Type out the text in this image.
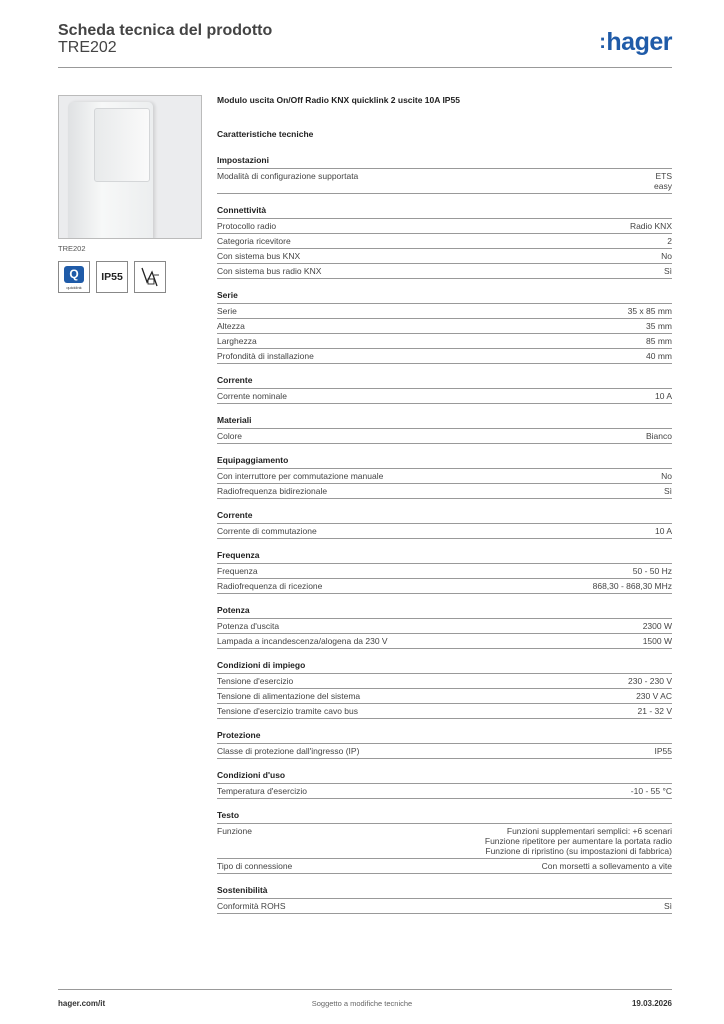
Scheda tecnica del prodotto
TRE202	:hager
TRE202
Q
quicklink
IP55
Modulo uscita On/Off Radio KNX quicklink 2 uscite 10A IP55
Caratteristiche tecniche
Impostazioni
Modalità di configurazione supportata	ETS
easy
Connettività
Protocollo radio	Radio KNX
Categoria ricevitore	2
Con sistema bus KNX	No
Con sistema bus radio KNX	Sì
Serie
Serie	35 x 85 mm
Altezza	35 mm
Larghezza	85 mm
Profondità di installazione	40 mm
Corrente
Corrente nominale	10 A
Materiali
Colore	Bianco
Equipaggiamento
Con interruttore per commutazione manuale	No
Radiofrequenza bidirezionale	Sì
Corrente
Corrente di commutazione	10 A
Frequenza
Frequenza	50 - 50 Hz
Radiofrequenza di ricezione	868,30 - 868,30 MHz
Potenza
Potenza d'uscita	2300 W
Lampada a incandescenza/alogena da 230 V	1500 W
Condizioni di impiego
Tensione d'esercizio	230 - 230 V
Tensione di alimentazione del sistema	230 V AC
Tensione d'esercizio tramite cavo bus	21 - 32 V
Protezione
Classe di protezione dall'ingresso (IP)	IP55
Condizioni d'uso
Temperatura d'esercizio	-10 - 55 °C
Testo
Funzione	Funzioni supplementari semplici: +6 scenari
Funzione ripetitore per aumentare la portata radio
Funzione di ripristino (su impostazioni di fabbrica)
Tipo di connessione	Con morsetti a sollevamento a vite
Sostenibilità
Conformità ROHS	Sì
hager.com/it	Soggetto a modifiche tecniche	19.03.2026
